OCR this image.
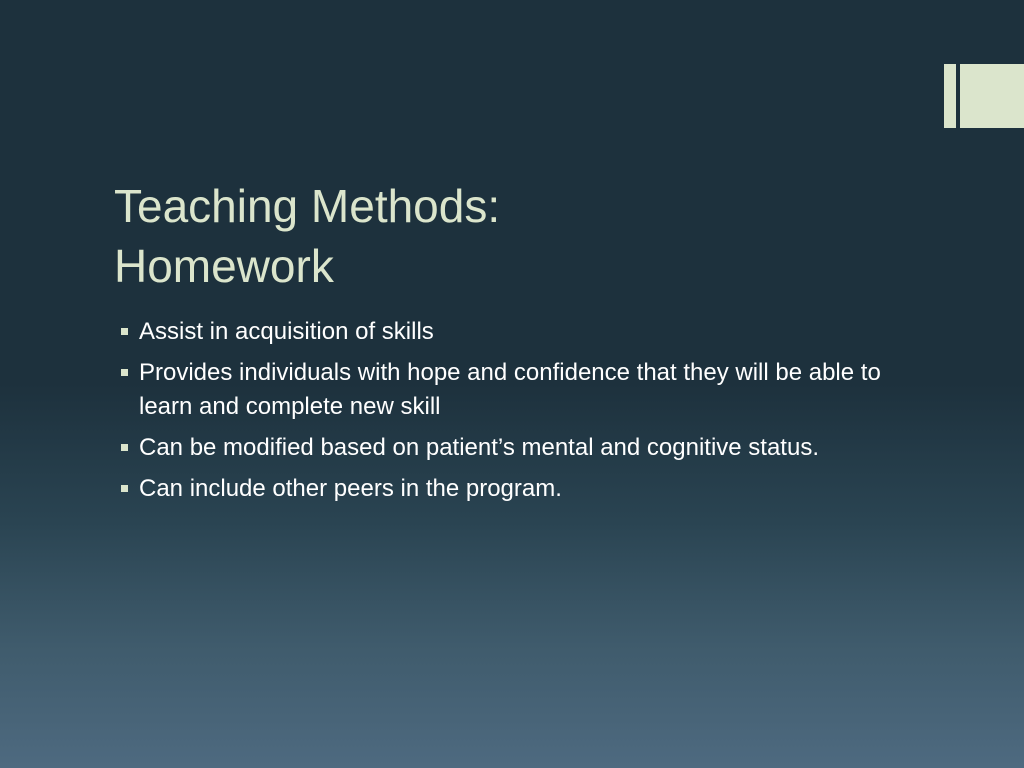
Teaching Methods:
Homework
Assist in acquisition of skills
Provides individuals with hope and confidence that they will be able to learn and complete new skill
Can be modified based on patient’s mental and cognitive status.
Can include other peers in the program.
